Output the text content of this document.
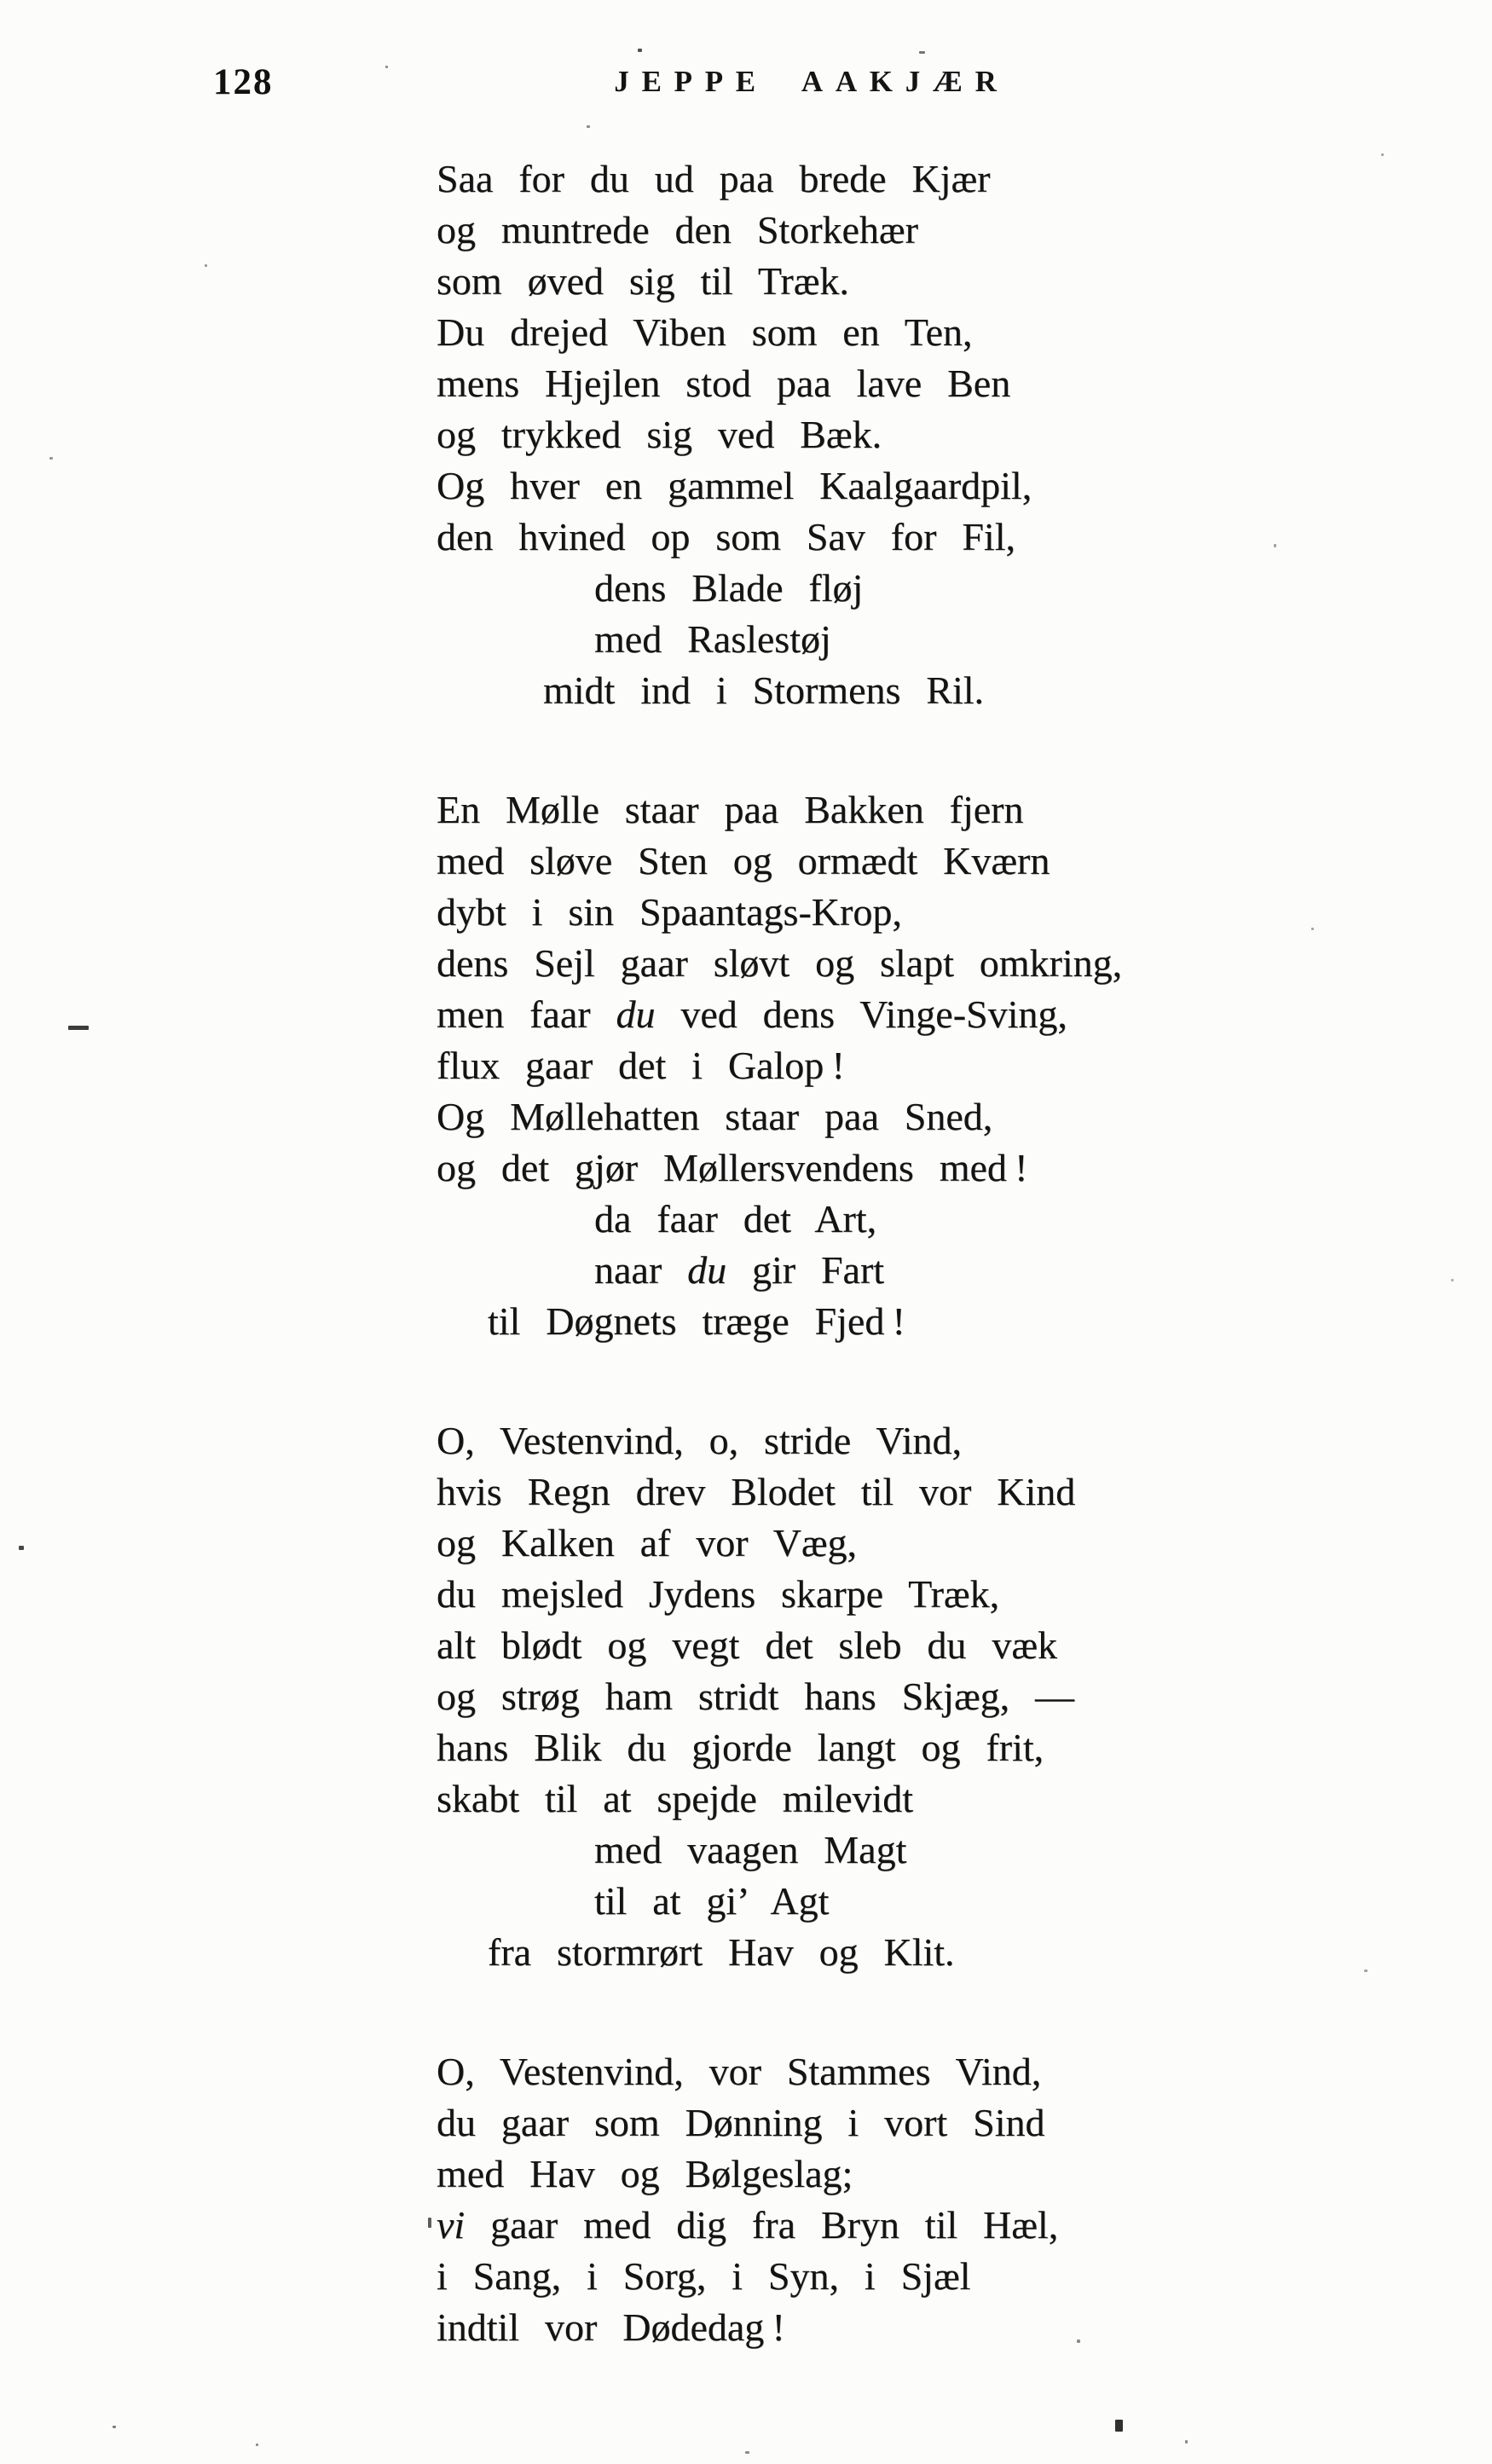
128	JEPPE AAKJÆR
Saa for du ud paa brede Kjær
og muntrede den Storkehær
som øved sig til Træk.
Du drejed Viben som en Ten,
mens Hjejlen stod paa lave Ben
og trykked sig ved Bæk.
Og hver en gammel Kaalgaardpil,
den hvined op som Sav for Fil,
dens Blade fløj
med Raslestøj
midt ind i Stormens Ril.
En Mølle staar paa Bakken fjern
med sløve Sten og ormædt Kværn
dybt i sin Spaantags-Krop,
dens Sejl gaar sløvt og slapt omkring,
men faar du ved dens Vinge-Sving,
flux gaar det i Galop !
Og Møllehatten staar paa Sned,
og det gjør Møllersvendens med !
da faar det Art,
naar du gir Fart
til Døgnets træge Fjed !
O, Vestenvind, o, stride Vind,
hvis Regn drev Blodet til vor Kind
og Kalken af vor Væg,
du mejsled Jydens skarpe Træk,
alt blødt og vegt det sleb du væk
og strøg ham stridt hans Skjæg, —
hans Blik du gjorde langt og frit,
skabt til at spejde milevidt
med vaagen Magt
til at gi’ Agt
fra stormrørt Hav og Klit.
O, Vestenvind, vor Stammes Vind,
du gaar som Dønning i vort Sind
med Hav og Bølgeslag;
vi gaar med dig fra Bryn til Hæl,
i Sang, i Sorg, i Syn, i Sjæl
indtil vor Dødedag !
